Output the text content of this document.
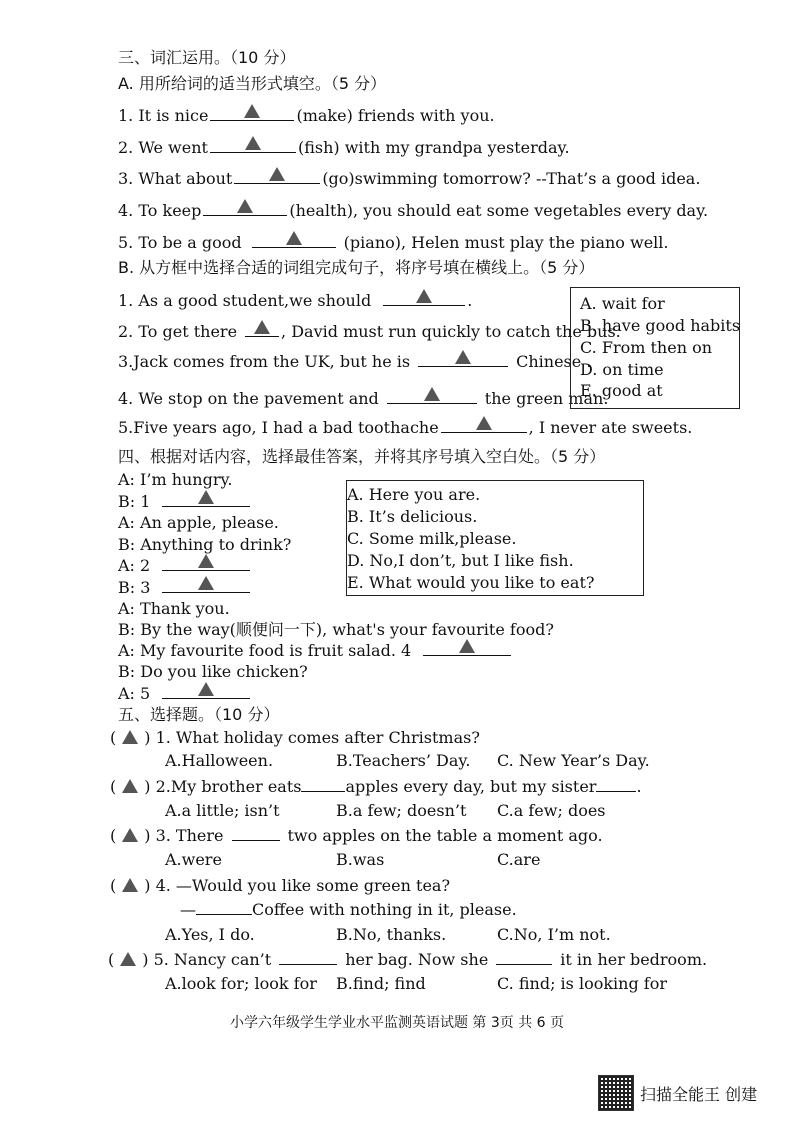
三、词汇运用。（10 分）
A. 用所给词的适当形式填空。（5 分）
1. It is nice	(make) friends with you.
2. We went	(fish) with my grandpa yesterday.
3. What about	(go)swimming tomorrow? --That’s a good idea.
4. To keep	(health), you should eat some vegetables every day.
5. To be a good	(piano), Helen must play the piano well.
B. 从方框中选择合适的词组完成句子，将序号填在横线上。（5 分）
1. As a good student,we should	.
2. To get there	, David must run quickly to catch the bus.
3.Jack comes from the UK, but he is	Chinese .
4. We stop on the pavement and	the green man.
5.Five years ago, I had a bad toothache	, I never ate sweets.
A. wait for
B. have good habits
C. From then on
D. on time
E. good at
四、根据对话内容，选择最佳答案，并将其序号填入空白处。（5 分）
A: I’m hungry.
B: 1
A: An apple, please.
B: Anything to drink?
A: 2
B: 3
A: Thank you.
B: By the way(顺便问一下), what's your favourite food?
A: My favourite food is fruit salad. 4
B: Do you like chicken?
A: 5
A. Here you are.
B. It’s delicious.
C. Some milk,please.
D. No,I don’t, but I like fish.
E. What would you like to eat?
五、选择题。（10 分）
( ) 1. What holiday comes after Christmas?
A.Halloween.	B.Teachers’ Day. C. New Year’s Day.
( ) 2.My brother eats	apples every day, but my sister	.
A.a little; isn’t	B.a few; doesn’t C.a few; does
( ) 3. There	two apples on the table a moment ago.
A.were	B.was	C.are
( ) 4. —Would you like some green tea?
—	Coffee with nothing in it, please.
A.Yes, I do.	B.No, thanks.	C.No, I’m not.
( ) 5. Nancy can’t	her bag. Now she	it in her bedroom.
A.look for; look for B.find; find	C. find; is looking for
小学六年级学生学业水平监测英语试题 第 3页 共 6 页
扫描全能王 创建
